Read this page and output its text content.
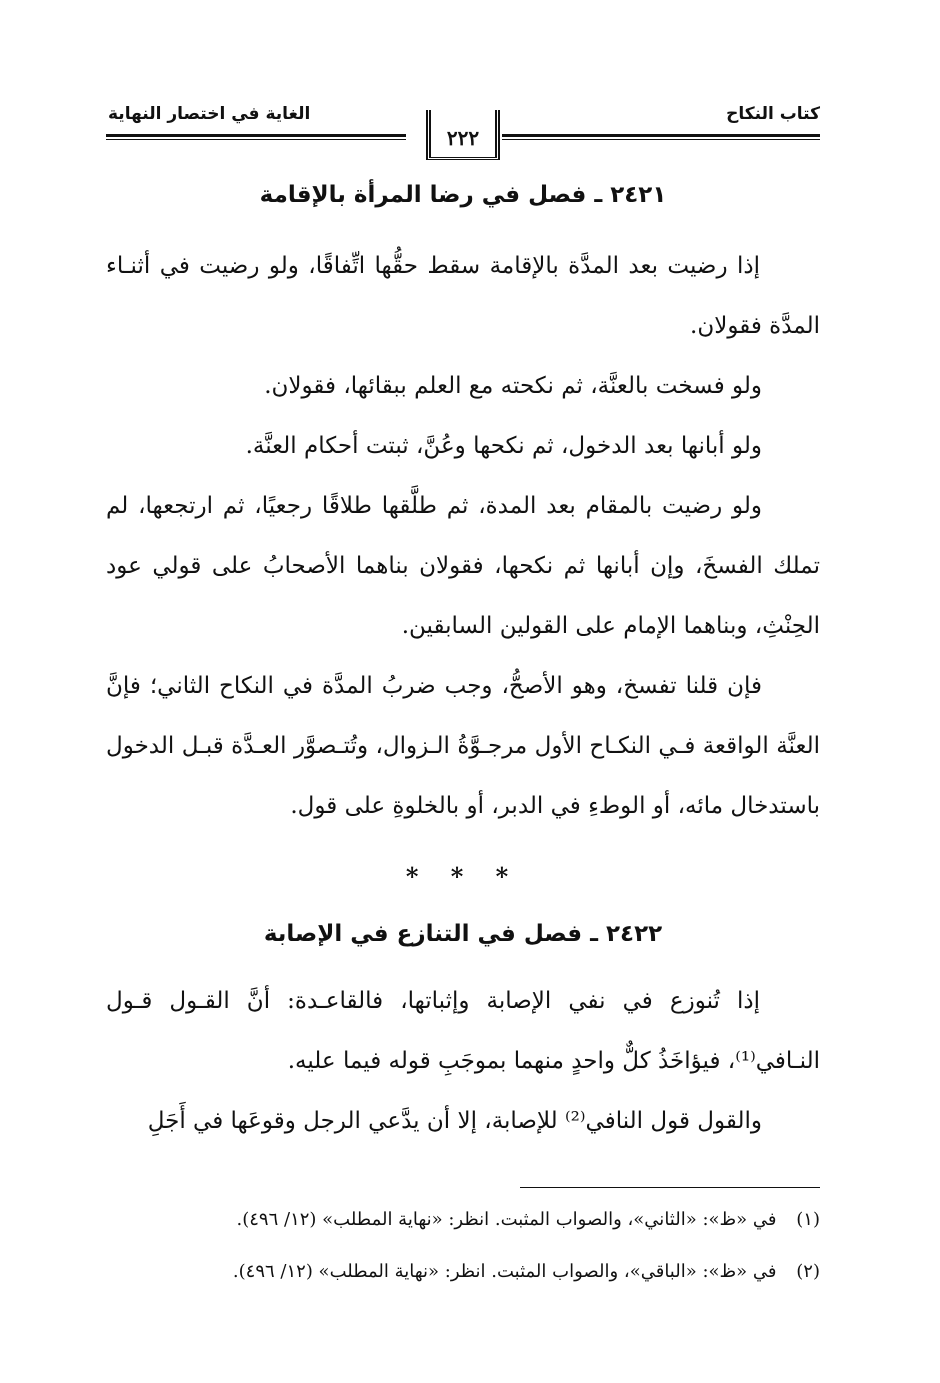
كتاب النكاح
الغاية في اختصار النهاية
٢٢٢
٢٤٢١ ـ فصل في رضا المرأة بالإقامة

إذا رضيت بعد المدَّة بالإقامة سقط حقُّها اتِّفاقًا، ولو رضيت في أثنـاء المدَّة فقولان.

ولو فسخت بالعنَّة، ثم نكحته مع العلم ببقائها، فقولان.

ولو أبانها بعد الدخول، ثم نكحها وعُنَّ، ثبتت أحكام العنَّة.

ولو رضيت بالمقام بعد المدة، ثم طلَّقها طلاقًا رجعيًا، ثم ارتجعها، لم تملك الفسخَ، وإن أبانها ثم نكحها، فقولان بناهما الأصحابُ على قولي عود الحِنْثِ، وبناهما الإمام على القولين السابقين.

فإن قلنا تفسخ، وهو الأصحُّ، وجب ضربُ المدَّة في النكاح الثاني؛ فإنَّ العنَّة الواقعة فـي النكـاح الأول مرجـوَّةُ الـزوال، وتُتـصوَّر العـدَّة قبـل الدخول باستدخال مائه، أو الوطءِ في الدبر، أو بالخلوةِ على قول.

* * *
٢٤٢٢ ـ فصل في التنازع في الإصابة

إذا تُنوزع في نفي الإصابة وإثباتها، فالقاعـدة: أنَّ القـول قـول النـافي⁽¹⁾، فيؤاخَذُ كلٌّ واحدٍ منهما بموجَبِ قوله فيما عليه.

والقول قول النافي⁽²⁾ للإصابة، إلا أن يدَّعي الرجل وقوعَها في أَجَلِ

(١) في «ظ»: «الثاني»، والصواب المثبت. انظر: «نهاية المطلب» (١٢/ ٤٩٦).

(٢) في «ظ»: «الباقي»، والصواب المثبت. انظر: «نهاية المطلب» (١٢/ ٤٩٦).
